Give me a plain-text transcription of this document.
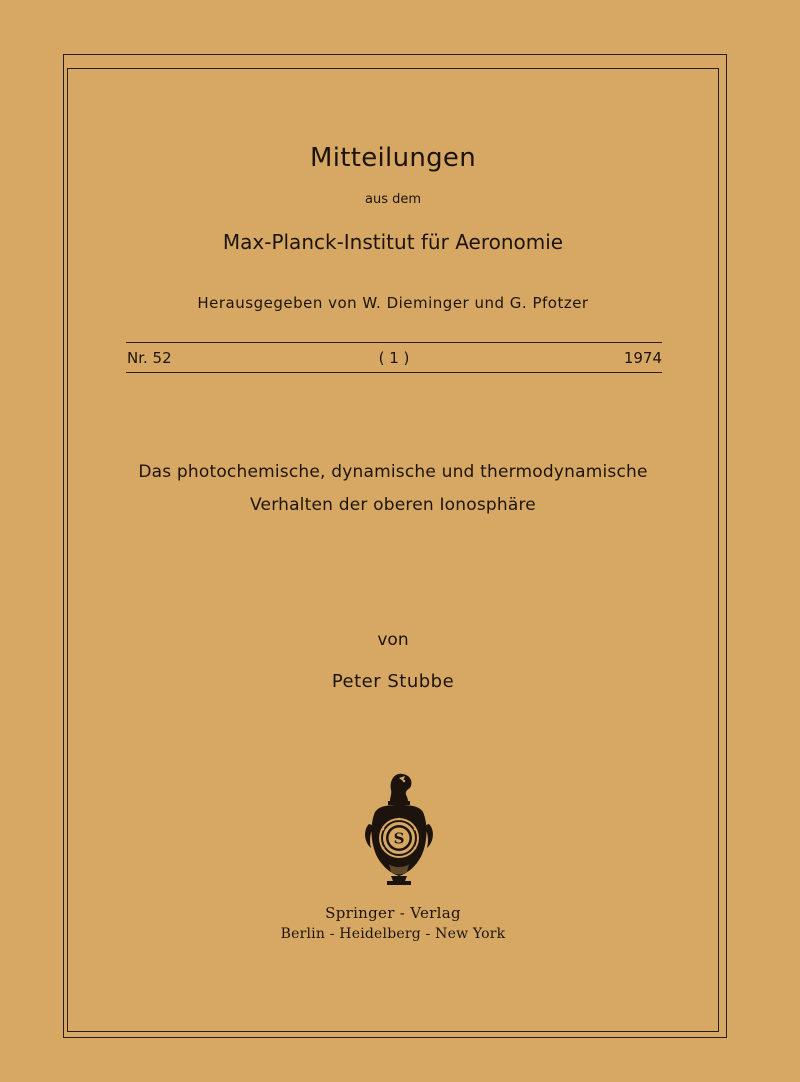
Mitteilungen
aus dem
Max-Planck-Institut für Aeronomie
Herausgegeben von W. Dieminger und G. Pfotzer
Nr. 52	( 1 )	1974
Das photochemische, dynamische und thermodynamische
Verhalten der oberen Ionosphäre
von
Peter Stubbe
S
Springer - Verlag
Berlin - Heidelberg - New York
